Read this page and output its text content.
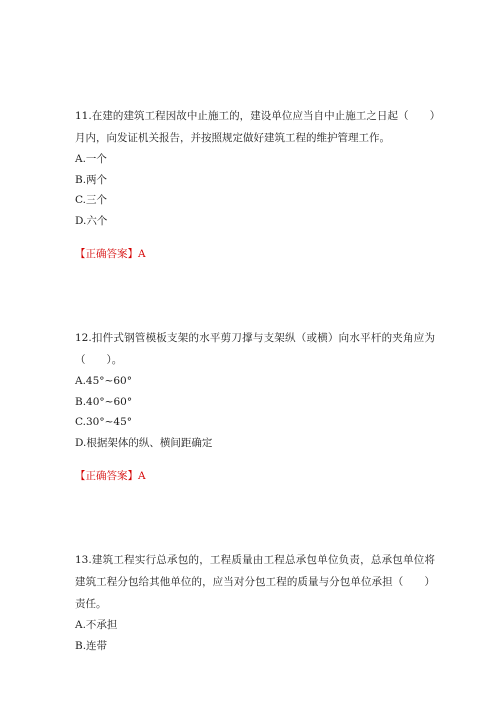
11.在建的建筑工程因故中止施工的，建设单位应当自中止施工之日起（　　）月内，向发证机关报告，并按照规定做好建筑工程的维护管理工作。

A.一个

B.两个

C.三个

D.六个

【正确答案】A

12.扣件式钢管模板支架的水平剪刀撑与支架纵（或横）向水平杆的夹角应为（　　）。

A.45°~60°

B.40°~60°

C.30°~45°

D.根据架体的纵、横间距确定

【正确答案】A

13.建筑工程实行总承包的，工程质量由工程总承包单位负责，总承包单位将建筑工程分包给其他单位的，应当对分包工程的质量与分包单位承担（　　）责任。

A.不承担

B.连带
